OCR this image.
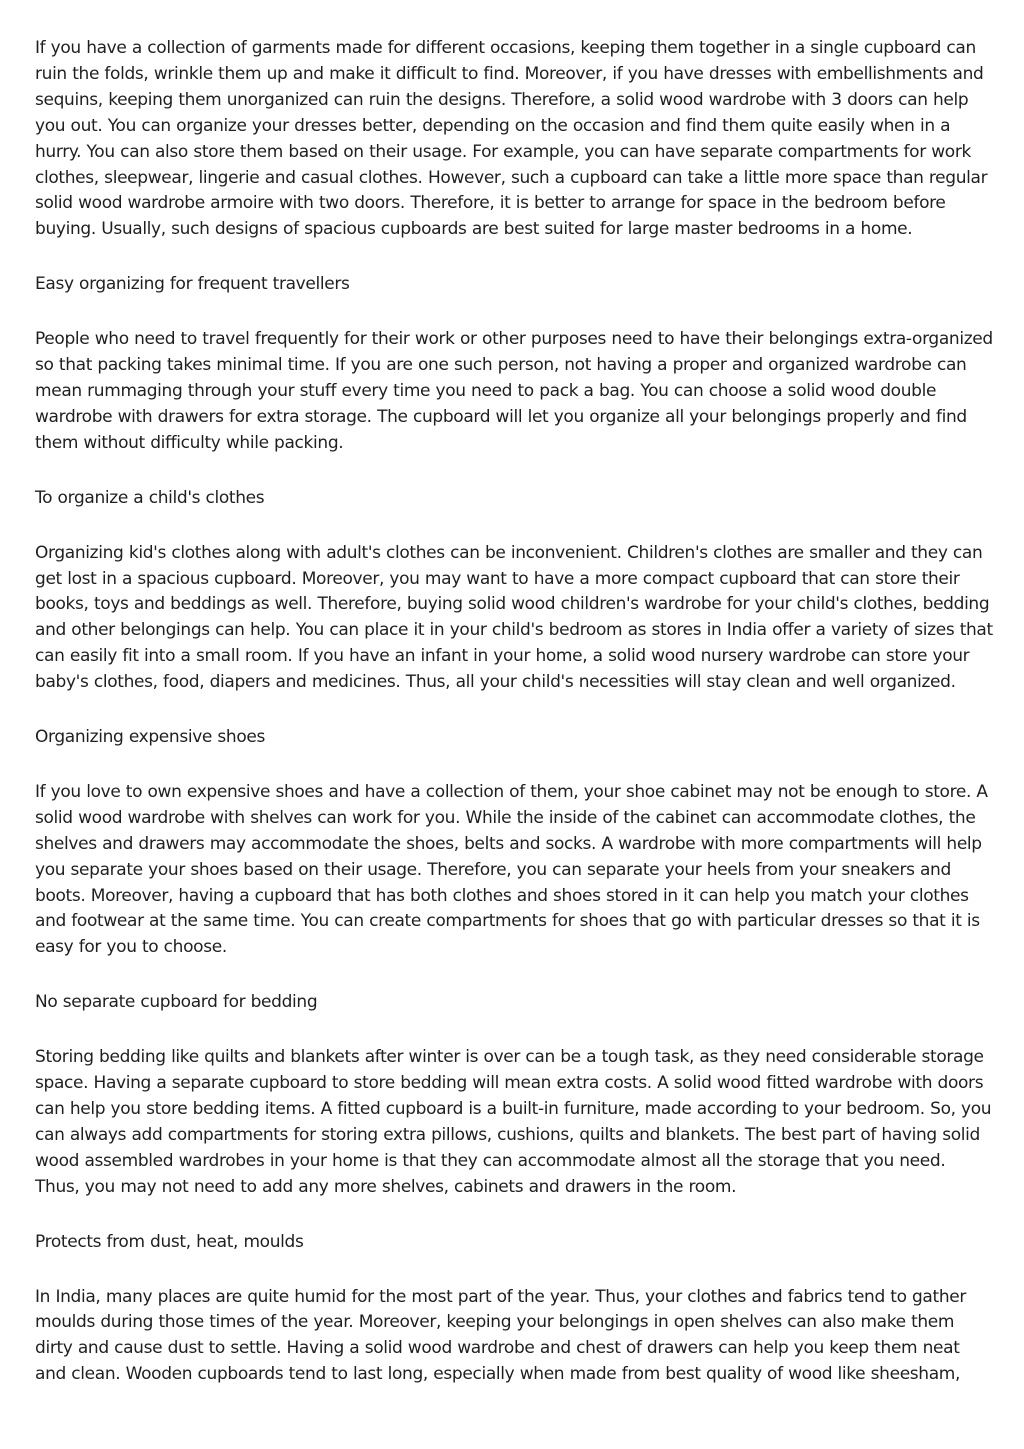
If you have a collection of garments made for different occasions, keeping them together in a single cupboard can ruin the folds, wrinkle them up and make it difficult to find. Moreover, if you have dresses with embellishments and sequins, keeping them unorganized can ruin the designs. Therefore, a solid wood wardrobe with 3 doors can help you out. You can organize your dresses better, depending on the occasion and find them quite easily when in a hurry. You can also store them based on their usage. For example, you can have separate compartments for work clothes, sleepwear, lingerie and casual clothes. However, such a cupboard can take a little more space than regular solid wood wardrobe armoire with two doors. Therefore, it is better to arrange for space in the bedroom before buying. Usually, such designs of spacious cupboards are best suited for large master bedrooms in a home.

Easy organizing for frequent travellers

People who need to travel frequently for their work or other purposes need to have their belongings extra-organized so that packing takes minimal time. If you are one such person, not having a proper and organized wardrobe can mean rummaging through your stuff every time you need to pack a bag. You can choose a solid wood double wardrobe with drawers for extra storage. The cupboard will let you organize all your belongings properly and find them without difficulty while packing.

To organize a child's clothes

Organizing kid's clothes along with adult's clothes can be inconvenient. Children's clothes are smaller and they can get lost in a spacious cupboard. Moreover, you may want to have a more compact cupboard that can store their books, toys and beddings as well. Therefore, buying solid wood children's wardrobe for your child's clothes, bedding and other belongings can help. You can place it in your child's bedroom as stores in India offer a variety of sizes that can easily fit into a small room. If you have an infant in your home, a solid wood nursery wardrobe can store your baby's clothes, food, diapers and medicines. Thus, all your child's necessities will stay clean and well organized.

Organizing expensive shoes

If you love to own expensive shoes and have a collection of them, your shoe cabinet may not be enough to store. A solid wood wardrobe with shelves can work for you. While the inside of the cabinet can accommodate clothes, the shelves and drawers may accommodate the shoes, belts and socks. A wardrobe with more compartments will help you separate your shoes based on their usage. Therefore, you can separate your heels from your sneakers and boots. Moreover, having a cupboard that has both clothes and shoes stored in it can help you match your clothes and footwear at the same time. You can create compartments for shoes that go with particular dresses so that it is easy for you to choose.

No separate cupboard for bedding

Storing bedding like quilts and blankets after winter is over can be a tough task, as they need considerable storage space. Having a separate cupboard to store bedding will mean extra costs. A solid wood fitted wardrobe with doors can help you store bedding items. A fitted cupboard is a built-in furniture, made according to your bedroom. So, you can always add compartments for storing extra pillows, cushions, quilts and blankets. The best part of having solid wood assembled wardrobes in your home is that they can accommodate almost all the storage that you need. Thus, you may not need to add any more shelves, cabinets and drawers in the room.

Protects from dust, heat, moulds

In India, many places are quite humid for the most part of the year. Thus, your clothes and fabrics tend to gather moulds during those times of the year. Moreover, keeping your belongings in open shelves can also make them dirty and cause dust to settle. Having a solid wood wardrobe and chest of drawers can help you keep them neat and clean. Wooden cupboards tend to last long, especially when made from best quality of wood like sheesham,
